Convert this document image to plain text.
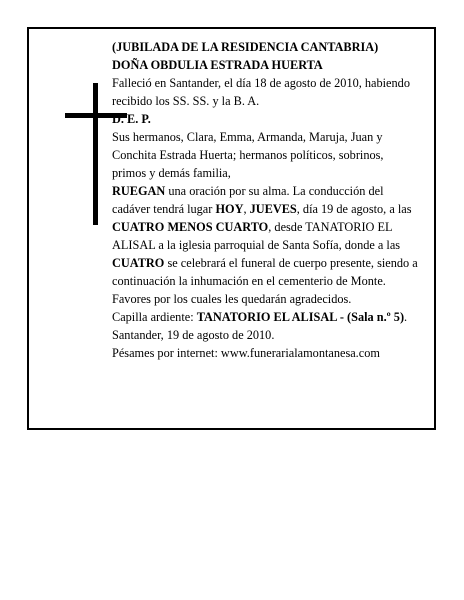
(JUBILADA DE LA RESIDENCIA CANTABRIA)

DOÑA OBDULIA ESTRADA HUERTA

Falleció en Santander, el día 18 de agosto de 2010, habiendo recibido los SS. SS. y la B. A.

D. E. P.

Sus hermanos, Clara, Emma, Armanda, Maruja, Juan y Conchita Estrada Huerta; hermanos políticos, sobrinos, primos y demás familia,

RUEGAN una oración por su alma. La conducción del cadáver tendrá lugar HOY, JUEVES, día 19 de agosto, a las CUATRO MENOS CUARTO, desde TANATORIO EL ALISAL a la iglesia parroquial de Santa Sofía, donde a las CUATRO se celebrará el funeral de cuerpo presente, siendo a continuación la inhumación en el cementerio de Monte. Favores por los cuales les quedarán agradecidos.

Capilla ardiente: TANATORIO EL ALISAL - (Sala n.º 5).

Santander, 19 de agosto de 2010.

Pésames por internet: www.funerarialamontanesa.com
